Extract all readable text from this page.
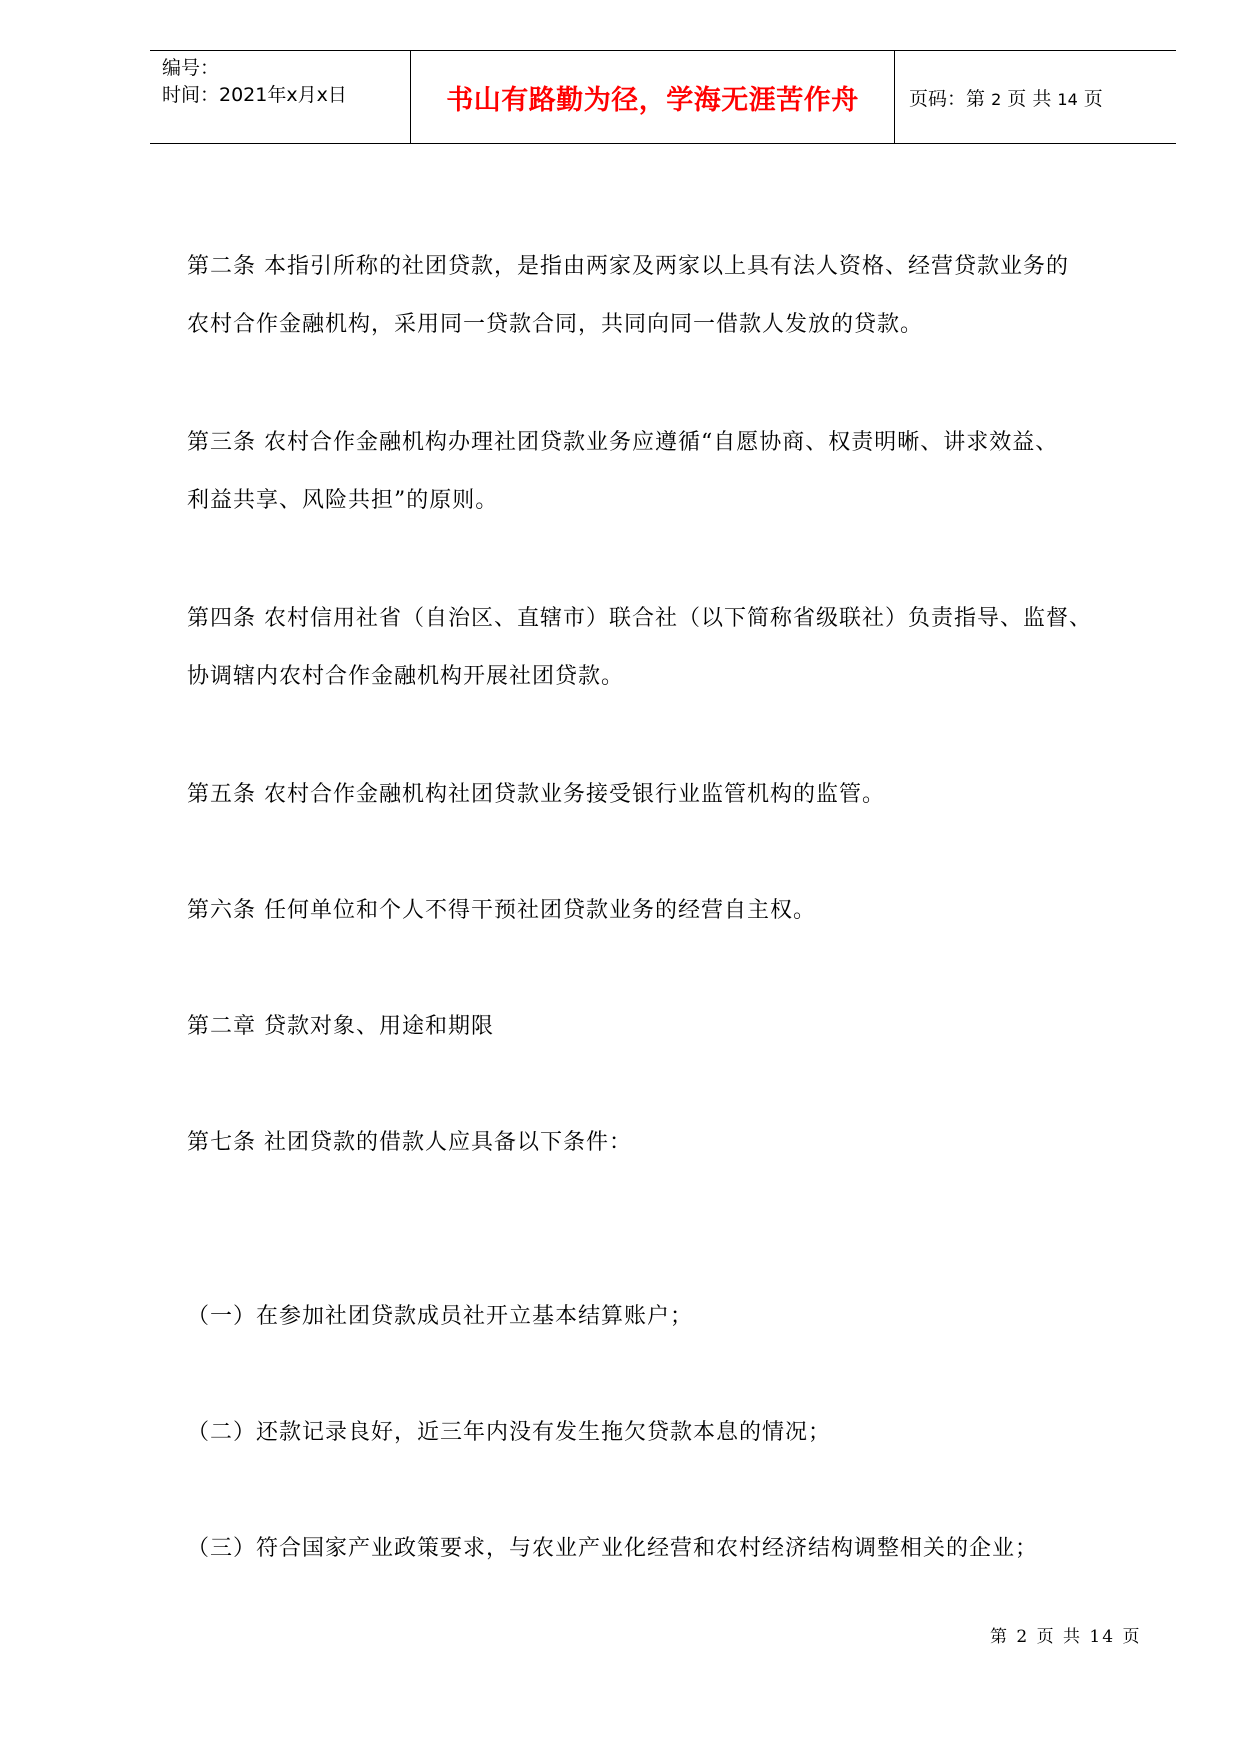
编号：
时间：2021年x月x日	书山有路勤为径，学海无涯苦作舟	页码：第 2 页 共 14 页
第二条 本指引所称的社团贷款，是指由两家及两家以上具有法人资格、经营贷款业务的
农村合作金融机构，采用同一贷款合同，共同向同一借款人发放的贷款。
第三条 农村合作金融机构办理社团贷款业务应遵循“自愿协商、权责明晰、讲求效益、
利益共享、风险共担”的原则。
第四条 农村信用社省（自治区、直辖市）联合社（以下简称省级联社）负责指导、监督、
协调辖内农村合作金融机构开展社团贷款。
第五条 农村合作金融机构社团贷款业务接受银行业监管机构的监管。
第六条 任何单位和个人不得干预社团贷款业务的经营自主权。
第二章 贷款对象、用途和期限
第七条 社团贷款的借款人应具备以下条件：
（一）在参加社团贷款成员社开立基本结算账户；
（二）还款记录良好，近三年内没有发生拖欠贷款本息的情况；
（三）符合国家产业政策要求，与农业产业化经营和农村经济结构调整相关的企业；
第 2 页 共 14 页
